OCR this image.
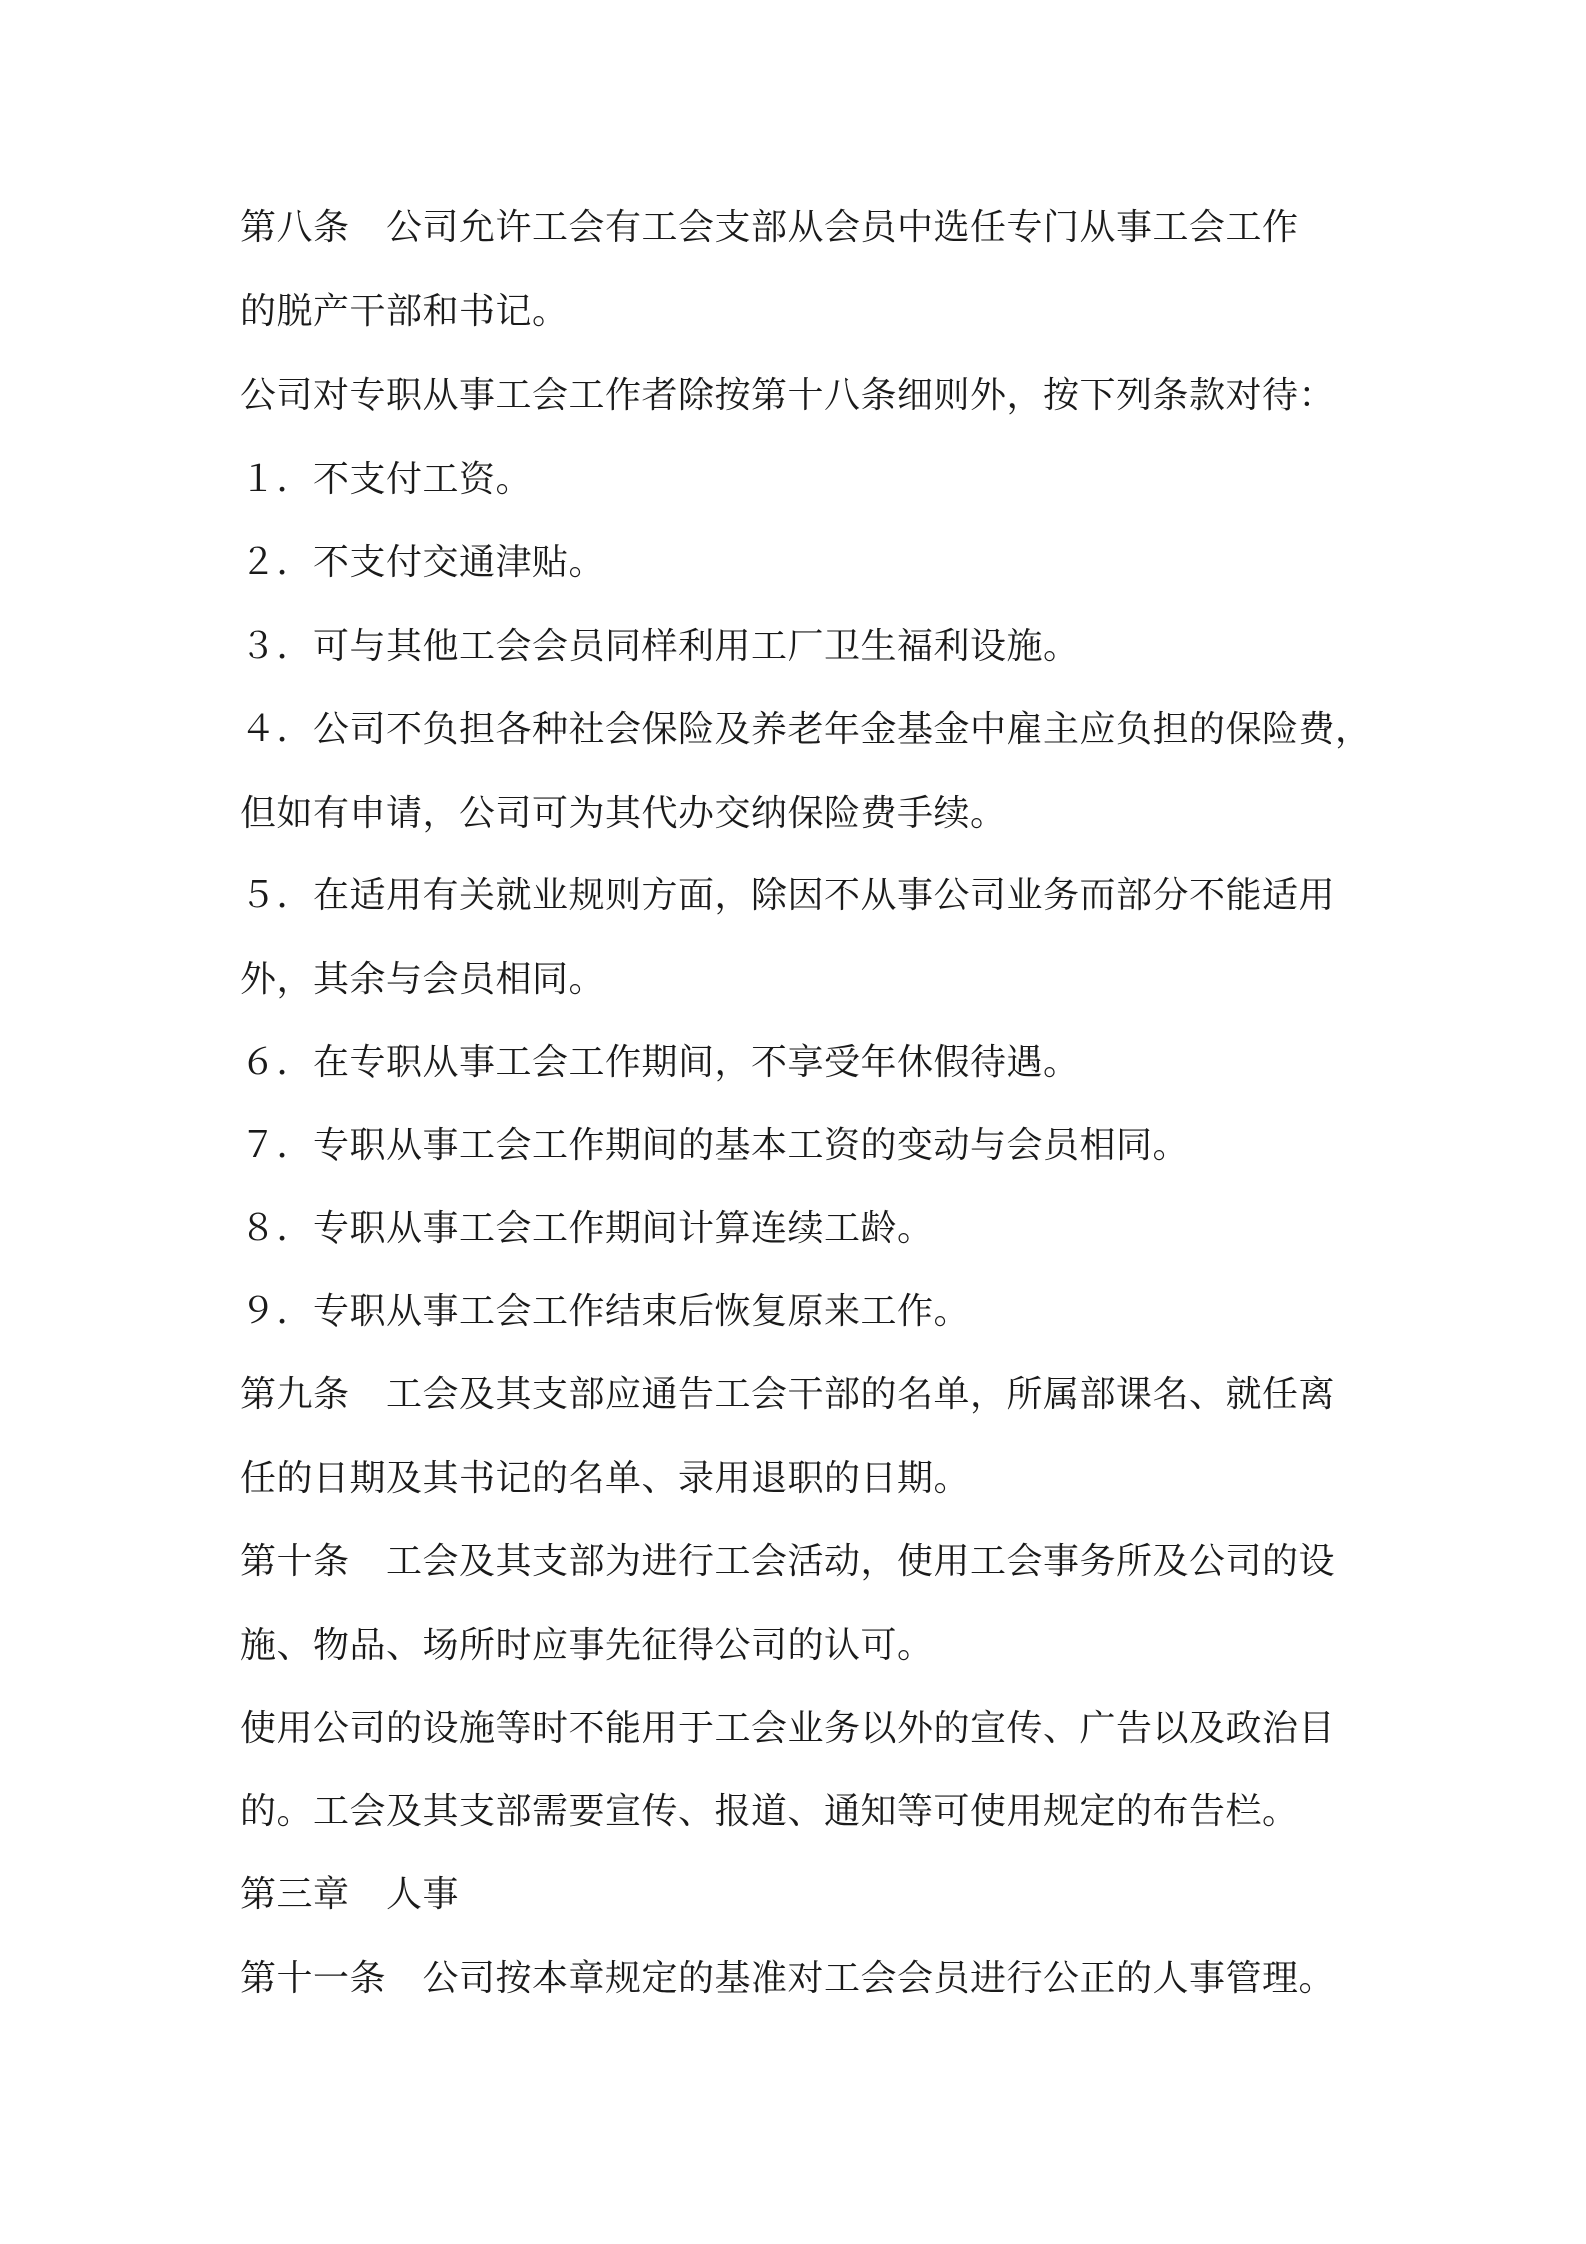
第八条　公司允许工会有工会支部从会员中选任专门从事工会工作
的脱产干部和书记。
公司对专职从事工会工作者除按第十八条细则外，按下列条款对待：
１．不支付工资。
２．不支付交通津贴。
３．可与其他工会会员同样利用工厂卫生福利设施。
４．公司不负担各种社会保险及养老年金基金中雇主应负担的保险费，
但如有申请，公司可为其代办交纳保险费手续。
５．在适用有关就业规则方面，除因不从事公司业务而部分不能适用
外，其余与会员相同。
６．在专职从事工会工作期间，不享受年休假待遇。
７．专职从事工会工作期间的基本工资的变动与会员相同。
８．专职从事工会工作期间计算连续工龄。
９．专职从事工会工作结束后恢复原来工作。
第九条　工会及其支部应通告工会干部的名单，所属部课名、就任离
任的日期及其书记的名单、录用退职的日期。
第十条　工会及其支部为进行工会活动，使用工会事务所及公司的设
施、物品、场所时应事先征得公司的认可。
使用公司的设施等时不能用于工会业务以外的宣传、广告以及政治目
的。工会及其支部需要宣传、报道、通知等可使用规定的布告栏。
第三章　人事
第十一条　公司按本章规定的基准对工会会员进行公正的人事管理。
